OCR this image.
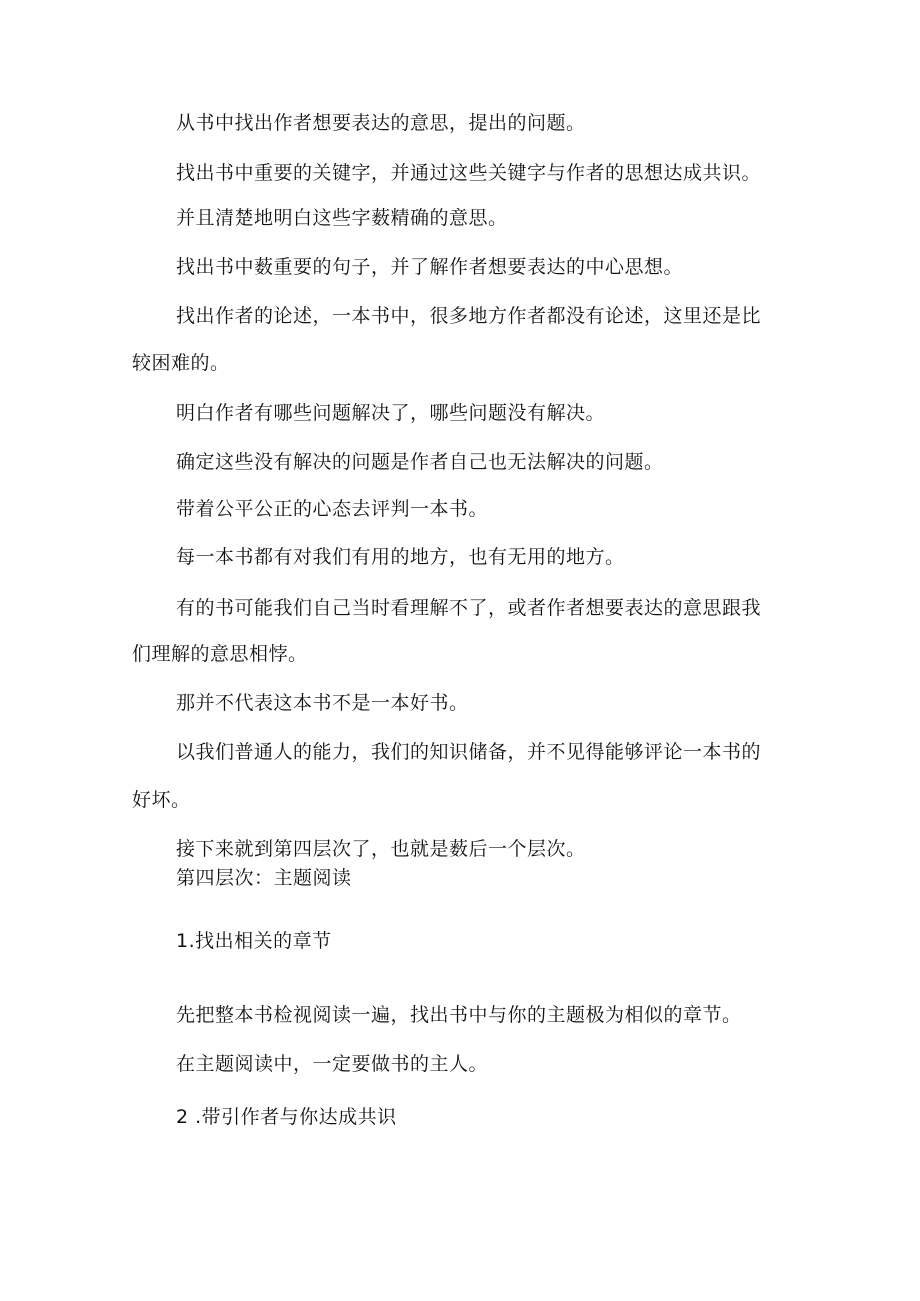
从书中找出作者想要表达的意思，提出的问题。
找出书中重要的关键字，并通过这些关键字与作者的思想达成共识。
并且清楚地明白这些字薮精确的意思。
找出书中薮重要的句子，并了解作者想要表达的中心思想。
找出作者的论述，一本书中，很多地方作者都没有论述，这里还是比
较困难的。
明白作者有哪些问题解决了，哪些问题没有解决。
确定这些没有解决的问题是作者自己也无法解决的问题。
带着公平公正的心态去评判一本书。
每一本书都有对我们有用的地方，也有无用的地方。
有的书可能我们自己当时看理解不了，或者作者想要表达的意思跟我
们理解的意思相悖。
那并不代表这本书不是一本好书。
以我们普通人的能力，我们的知识储备，并不见得能够评论一本书的
好坏。
接下来就到第四层次了，也就是薮后一个层次。
第四层次：主题阅读
1.找出相关的章节
先把整本书检视阅读一遍，找出书中与你的主题极为相似的章节。
在主题阅读中，一定要做书的主人。
2 .带引作者与你达成共识
